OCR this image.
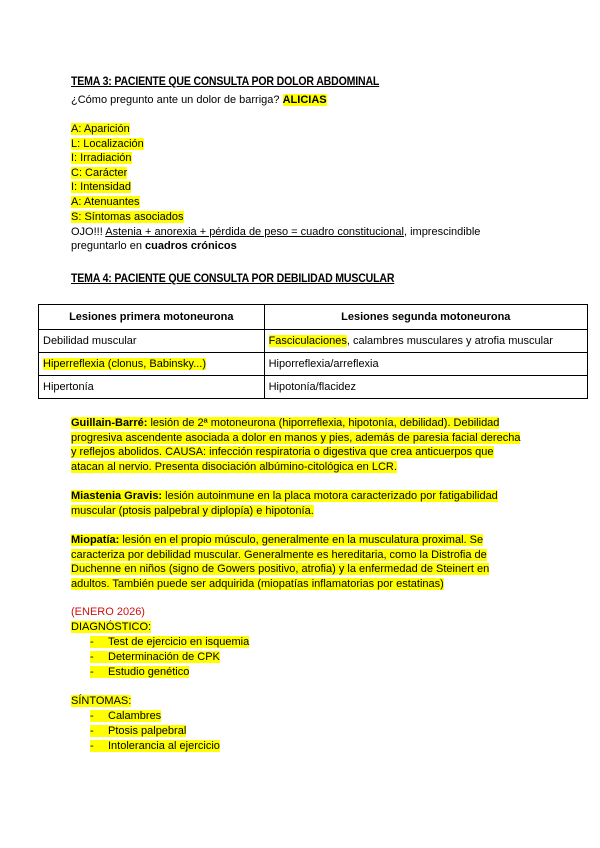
TEMA 3: PACIENTE QUE CONSULTA POR DOLOR ABDOMINAL
¿Cómo pregunto ante un dolor de barriga? ALICIAS
A: Aparición
L: Localización
I: Irradiación
C: Carácter
I: Intensidad
A: Atenuantes
S: Síntomas asociados
OJO!!! Astenia + anorexia + pérdida de peso = cuadro constitucional, imprescindible
preguntarlo en cuadros crónicos
TEMA 4: PACIENTE QUE CONSULTA POR DEBILIDAD MUSCULAR
Lesiones primera motoneurona	Lesiones segunda motoneurona
Debilidad muscular	Fasciculaciones, calambres musculares y atrofia muscular
Hiperreflexia (clonus, Babinsky...)	Hiporreflexia/arreflexia
Hipertonía	Hipotonía/flacidez
Guillain-Barré: lesión de 2ª motoneurona (hiporreflexia, hipotonía, debilidad). Debilidad
progresiva ascendente asociada a dolor en manos y pies, además de paresia facial derecha
y reflejos abolidos. CAUSA: infección respiratoria o digestiva que crea anticuerpos que
atacan al nervio. Presenta disociación albúmino-citológica en LCR.
Miastenia Gravis: lesión autoinmune en la placa motora caracterizado por fatigabilidad
muscular (ptosis palpebral y diplopía) e hipotonía.
Miopatía: lesión en el propio músculo, generalmente en la musculatura proximal. Se
caracteriza por debilidad muscular. Generalmente es hereditaria, como la Distrofia de
Duchenne en niños (signo de Gowers positivo, atrofia) y la enfermedad de Steinert en
adultos. También puede ser adquirida (miopatías inflamatorias por estatinas)
(ENERO 2026)
DIAGNÓSTICO:
- Test de ejercicio en isquemia
- Determinación de CPK
- Estudio genético
SÍNTOMAS:
- Calambres
- Ptosis palpebral
- Intolerancia al ejercicio
